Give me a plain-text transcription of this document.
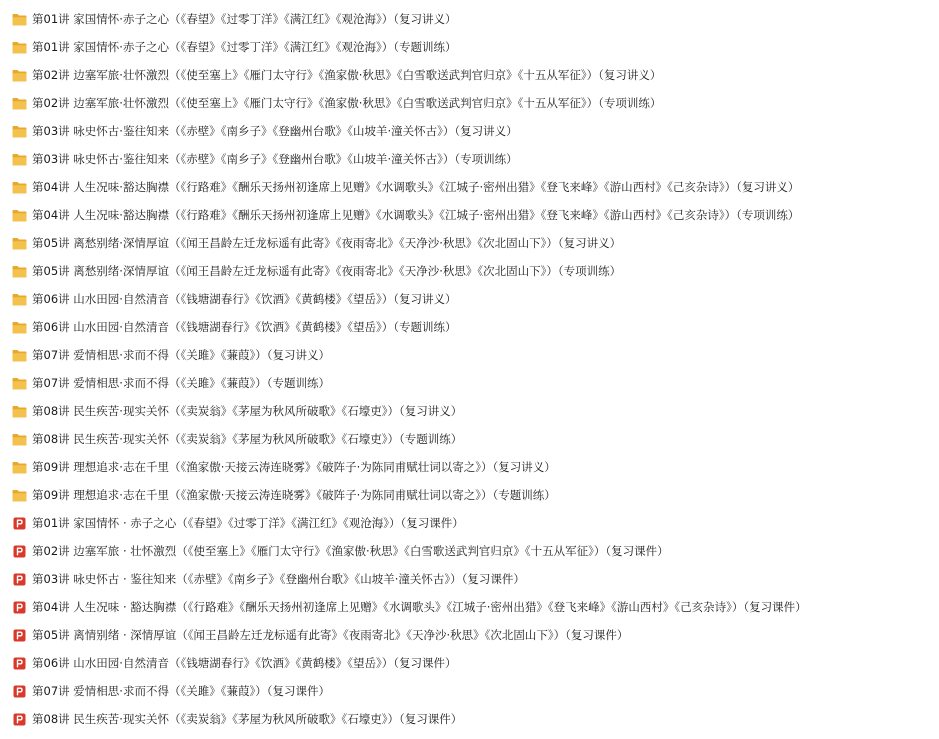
第01讲 家国情怀·赤子之心（《春望》《过零丁洋》《满江红》《观沧海》）（复习讲义）
第01讲 家国情怀·赤子之心（《春望》《过零丁洋》《满江红》《观沧海》）（专题训练）
第02讲 边塞军旅·壮怀激烈（《使至塞上》《雁门太守行》《渔家傲·秋思》《白雪歌送武判官归京》《十五从军征》）（复习讲义）
第02讲 边塞军旅·壮怀激烈（《使至塞上》《雁门太守行》《渔家傲·秋思》《白雪歌送武判官归京》《十五从军征》）（专项训练）
第03讲 咏史怀古·鉴往知来（《赤壁》《南乡子》《登幽州台歌》《山坡羊·潼关怀古》）（复习讲义）
第03讲 咏史怀古·鉴往知来（《赤壁》《南乡子》《登幽州台歌》《山坡羊·潼关怀古》）（专项训练）
第04讲 人生况味·豁达胸襟（《行路难》《酬乐天扬州初逢席上见赠》《水调歌头》《江城子·密州出猎》《登飞来峰》《游山西村》《己亥杂诗》）（复习讲义）
第04讲 人生况味·豁达胸襟（《行路难》《酬乐天扬州初逢席上见赠》《水调歌头》《江城子·密州出猎》《登飞来峰》《游山西村》《己亥杂诗》）（专项训练）
第05讲 离愁别绪·深情厚谊（《闻王昌龄左迁龙标遥有此寄》《夜雨寄北》《天净沙·秋思》《次北固山下》）（复习讲义）
第05讲 离愁别绪·深情厚谊（《闻王昌龄左迁龙标遥有此寄》《夜雨寄北》《天净沙·秋思》《次北固山下》）（专项训练）
第06讲 山水田园·自然清音（《钱塘湖春行》《饮酒》《黄鹤楼》《望岳》）（复习讲义）
第06讲 山水田园·自然清音（《钱塘湖春行》《饮酒》《黄鹤楼》《望岳》）（专题训练）
第07讲 爱情相思·求而不得（《关雎》《蒹葭》）（复习讲义）
第07讲 爱情相思·求而不得（《关雎》《蒹葭》）（专题训练）
第08讲 民生疾苦·现实关怀（《卖炭翁》《茅屋为秋风所破歌》《石壕吏》）（复习讲义）
第08讲 民生疾苦·现实关怀（《卖炭翁》《茅屋为秋风所破歌》《石壕吏》）（专题训练）
第09讲 理想追求·志在千里（《渔家傲·天接云涛连晓雾》《破阵子·为陈同甫赋壮词以寄之》）（复习讲义）
第09讲 理想追求·志在千里（《渔家傲·天接云涛连晓雾》《破阵子·为陈同甫赋壮词以寄之》）（专题训练）
第01讲 家国情怀 · 赤子之心（《春望》《过零丁洋》《满江红》《观沧海》）（复习课件）
第02讲 边塞军旅 · 壮怀激烈（《使至塞上》《雁门太守行》《渔家傲·秋思》《白雪歌送武判官归京》《十五从军征》）（复习课件）
第03讲 咏史怀古 · 鉴往知来（《赤壁》《南乡子》《登幽州台歌》《山坡羊·潼关怀古》）（复习课件）
第04讲 人生况味 · 豁达胸襟（《行路难》《酬乐天扬州初逢席上见赠》《水调歌头》《江城子·密州出猎》《登飞来峰》《游山西村》《己亥杂诗》）（复习课件）
第05讲 离情别绪 · 深情厚谊（《闻王昌龄左迁龙标遥有此寄》《夜雨寄北》《天净沙·秋思》《次北固山下》）（复习课件）
第06讲 山水田园·自然清音（《钱塘湖春行》《饮酒》《黄鹤楼》《望岳》）（复习课件）
第07讲 爱情相思·求而不得（《关雎》《蒹葭》）（复习课件）
第08讲 民生疾苦·现实关怀（《卖炭翁》《茅屋为秋风所破歌》《石壕吏》）（复习课件）
